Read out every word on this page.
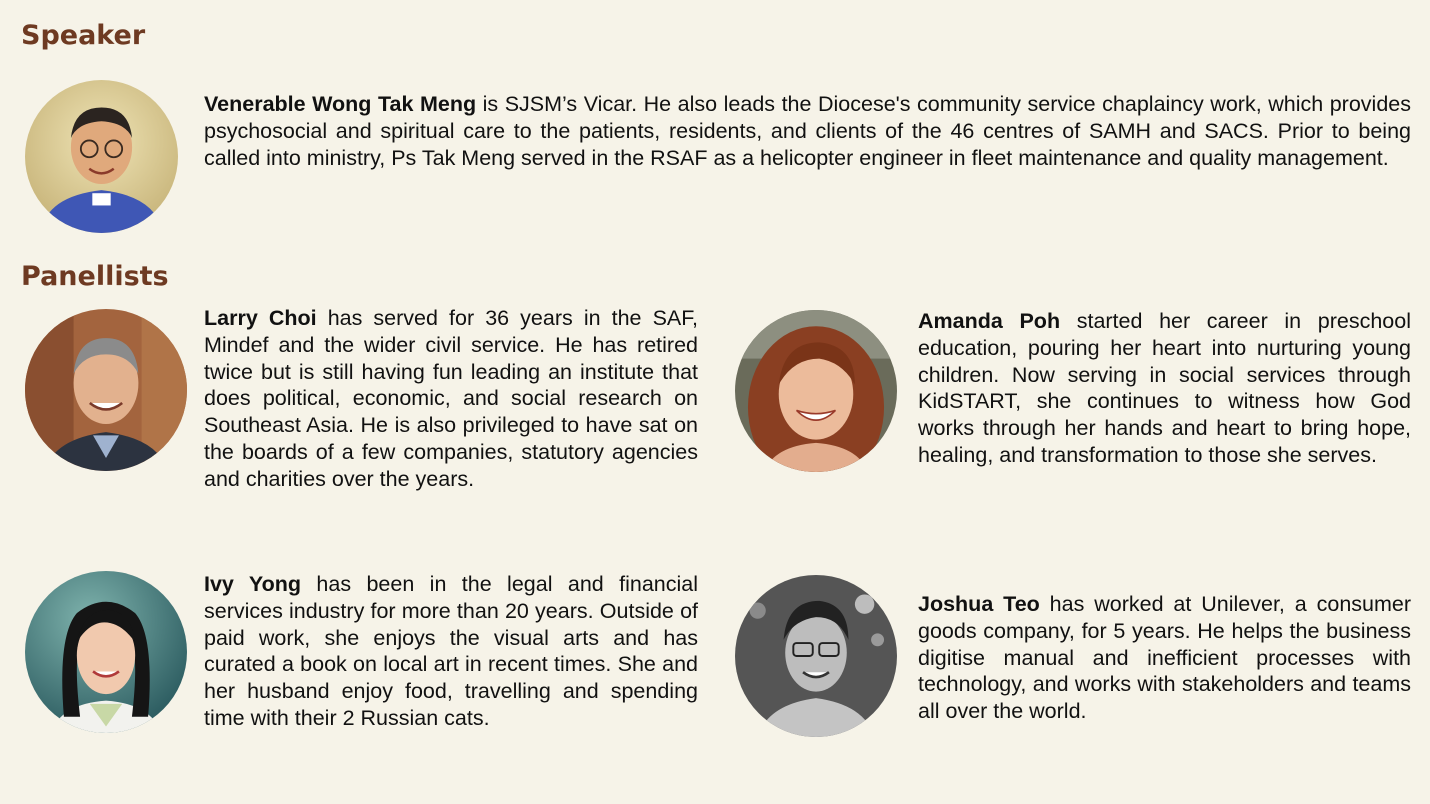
Speaker

Venerable Wong Tak Meng is SJSM’s Vicar. He also leads the Diocese's community service chaplaincy work, which provides psychosocial and spiritual care to the patients, residents, and clients of the 46 centres of SAMH and SACS. Prior to being called into ministry, Ps Tak Meng served in the RSAF as a helicopter engineer in fleet maintenance and quality management.

Panellists

Larry Choi has served for 36 years in the SAF, Mindef and the wider civil service. He has retired twice but is still having fun leading an institute that does political, economic, and social research on Southeast Asia. He is also privileged to have sat on the boards of a few companies, statutory agencies and charities over the years.

Amanda Poh started her career in preschool education, pouring her heart into nurturing young children. Now serving in social services through KidSTART, she continues to witness how God works through her hands and heart to bring hope, healing, and transformation to those she serves.

Ivy Yong has been in the legal and financial services industry for more than 20 years. Outside of paid work, she enjoys the visual arts and has curated a book on local art in recent times. She and her husband enjoy food, travelling and spending time with their 2 Russian cats.

Joshua Teo has worked at Unilever, a consumer goods company, for 5 years. He helps the business digitise manual and inefficient processes with technology, and works with stakeholders and teams all over the world.
